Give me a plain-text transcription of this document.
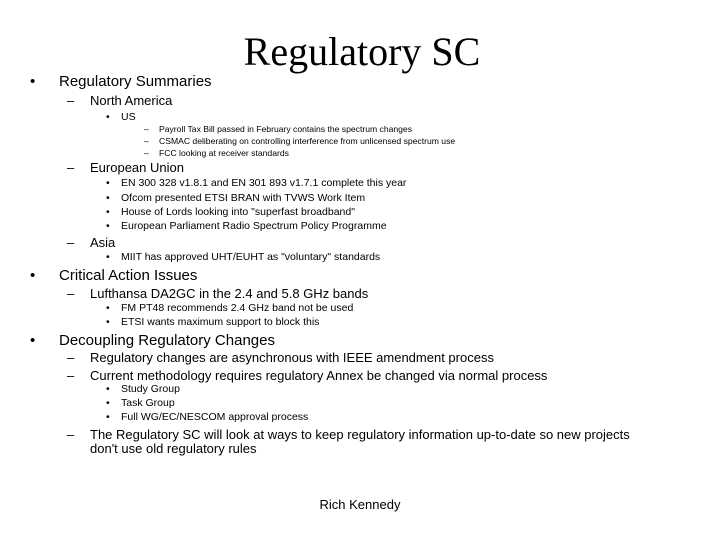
Regulatory SC
• Regulatory Summaries
– North America
• US
– Payroll Tax Bill passed in February contains the spectrum changes
– CSMAC deliberating on controlling interference from unlicensed spectrum use
– FCC looking at receiver standards
– European Union
• EN 300 328 v1.8.1 and EN 301 893 v1.7.1 complete this year
• Ofcom presented ETSI BRAN with TVWS Work Item
• House of Lords looking into "superfast broadband"
• European Parliament Radio Spectrum Policy Programme
– Asia
• MIIT has approved UHT/EUHT as "voluntary" standards
• Critical Action Issues
– Lufthansa DA2GC in the 2.4 and 5.8 GHz bands
• FM PT48 recommends 2.4 GHz band not be used
• ETSI wants maximum support to block this
• Decoupling Regulatory Changes
– Regulatory changes are asynchronous with IEEE amendment process
– Current methodology requires regulatory Annex be changed via normal process
• Study Group
• Task Group
• Full WG/EC/NESCOM approval process
– The Regulatory SC will look at ways to keep regulatory information up-to-date so new projects
don't use old regulatory rules
Rich Kennedy
